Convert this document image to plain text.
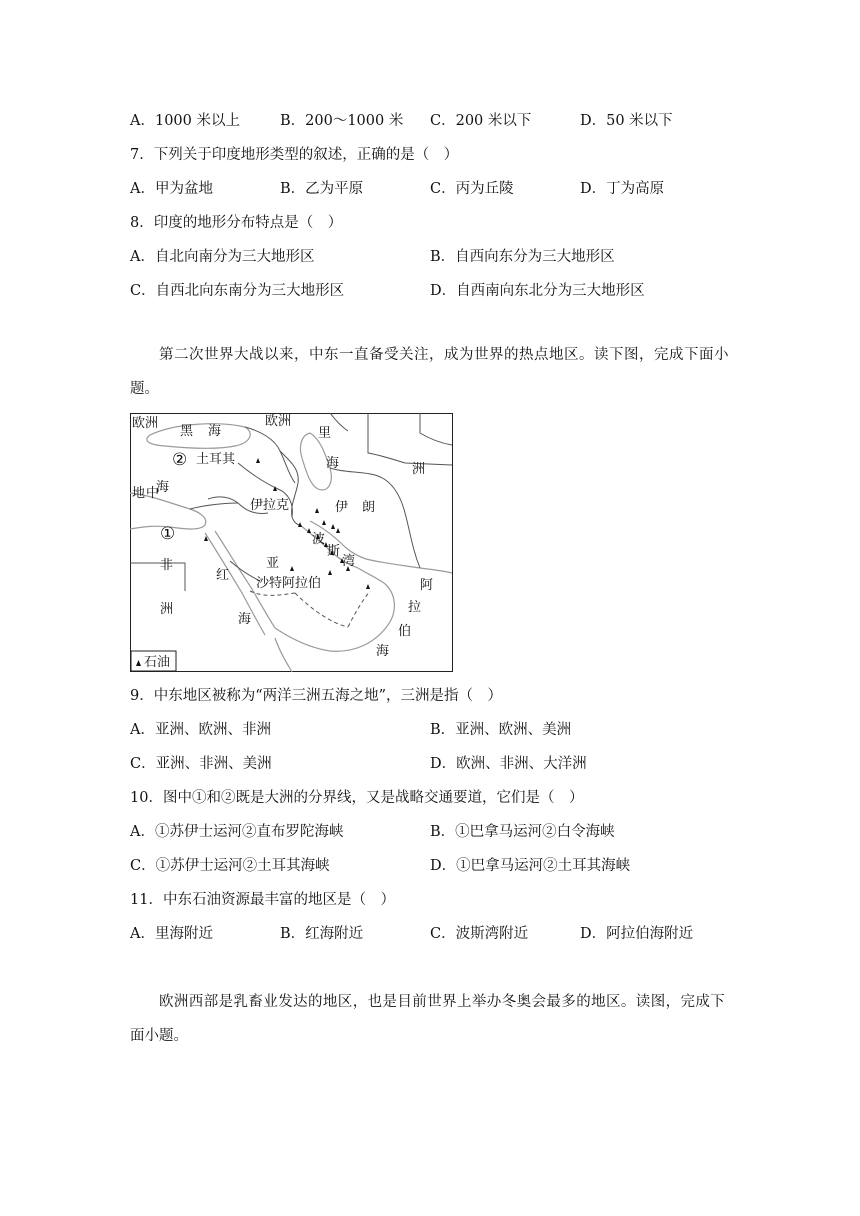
A．1000 米以上	B．200～1000 米 C．200 米以下	D．50 米以下
7．下列关于印度地形类型的叙述，正确的是（　）
A．甲为盆地	B．乙为平原	C．丙为丘陵	D．丁为高原
8．印度的地形分布特点是（　）
A．自北向南分为三大地形区	B．自西向东分为三大地形区
C．自西北向东南分为三大地形区	D．自西南向东北分为三大地形区
第二次世界大战以来，中东一直备受关注，成为世界的热点地区。读下图，完成下面小
题。
石油
欧洲
黑 海
欧洲
里
海	洲
② 土耳其
地 中
海
伊拉克	伊 朗
①	波
斯
湾
非
洲
亚
沙特阿拉伯
红
海
阿
拉
伯
海
9．中东地区被称为“两洋三洲五海之地”，三洲是指（　）
A．亚洲、欧洲、非洲	B．亚洲、欧洲、美洲
C．亚洲、非洲、美洲	D．欧洲、非洲、大洋洲
10．图中①和②既是大洲的分界线，又是战略交通要道，它们是（　）
A．①苏伊士运河②直布罗陀海峡	B．①巴拿马运河②白令海峡
C．①苏伊士运河②土耳其海峡	D．①巴拿马运河②土耳其海峡
11．中东石油资源最丰富的地区是（　）
A．里海附近	B．红海附近	C．波斯湾附近	D．阿拉伯海附近
欧洲西部是乳畜业发达的地区，也是目前世界上举办冬奥会最多的地区。读图，完成下
面小题。
